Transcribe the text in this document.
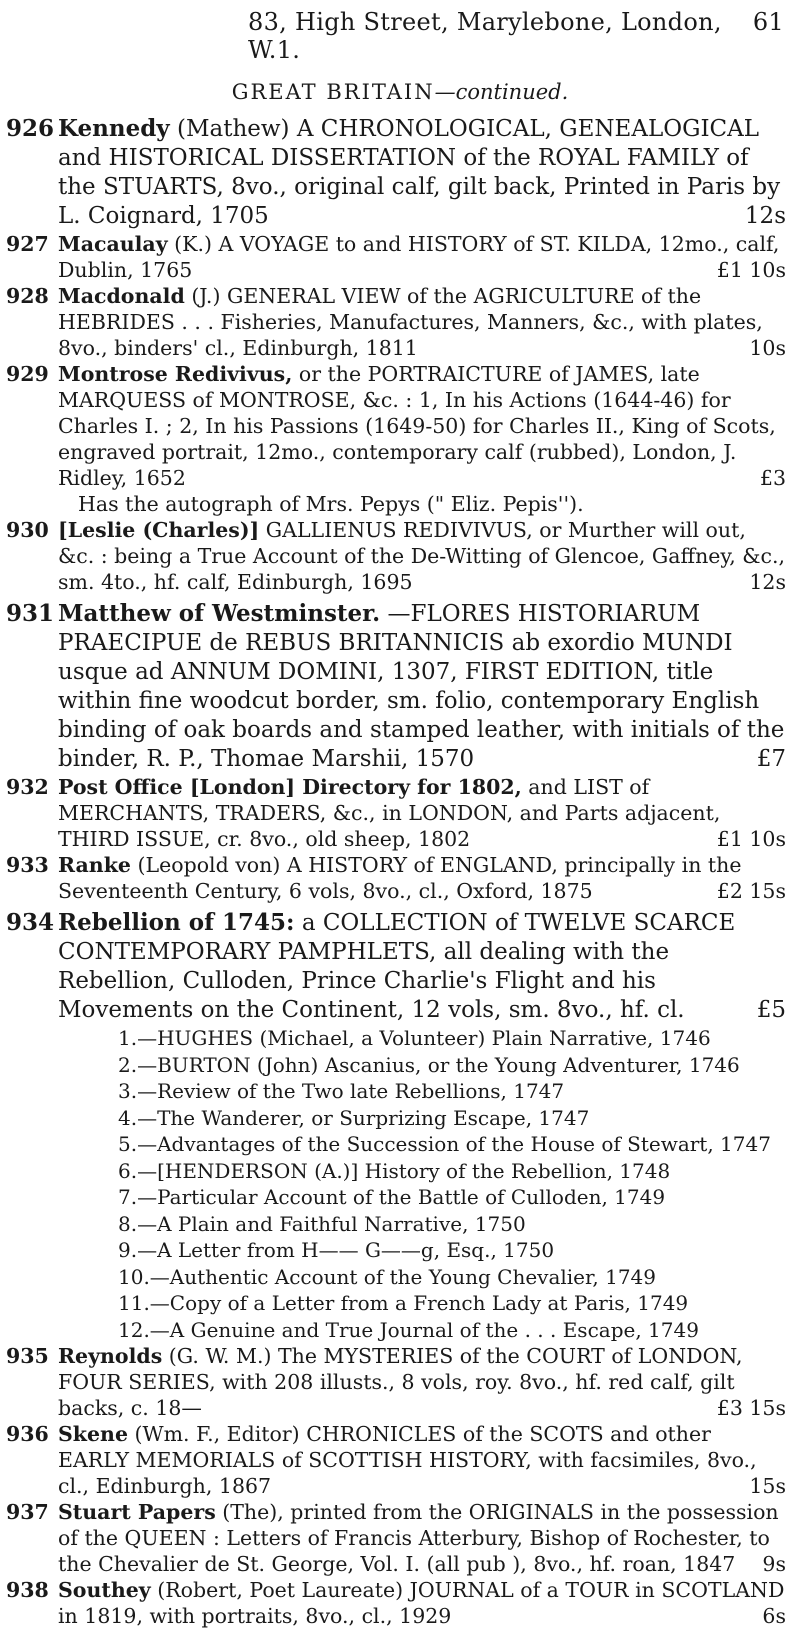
83, High Street, Marylebone, London, W.1.
61
GREAT BRITAIN—continued.
926 Kennedy (Mathew) A CHRONOLOGICAL, GENEALOGICAL and HISTORICAL DISSERTATION of the ROYAL FAMILY of the STUARTS, 8vo., original calf, gilt back, Printed in Paris by L. Coignard, 1705	12s
927 Macaulay (K.) A VOYAGE to and HISTORY of ST. KILDA, 12mo., calf, Dublin, 1765	£1 10s
928 Macdonald (J.) GENERAL VIEW of the AGRICULTURE of the HEBRIDES . . . Fisheries, Manufactures, Manners, &c., with plates, 8vo., binders' cl., Edinburgh, 1811	10s
929 Montrose Redivivus, or the PORTRAICTURE of JAMES, late MARQUESS of MONTROSE, &c. : 1, In his Actions (1644-46) for Charles I. ; 2, In his Passions (1649-50) for Charles II., King of Scots, engraved portrait, 12mo., contemporary calf (rubbed), London, J. Ridley, 1652	£3
Has the autograph of Mrs. Pepys (" Eliz. Pepis'').
930 [Leslie (Charles)] GALLIENUS REDIVIVUS, or Murther will out, &c. : being a True Account of the De-Witting of Glencoe, Gaffney, &c., sm. 4to., hf. calf, Edinburgh, 1695	12s
931 Matthew of Westminster. —FLORES HISTORIARUM PRAECIPUE de REBUS BRITANNICIS ab exordio MUNDI usque ad ANNUM DOMINI, 1307, FIRST EDITION, title within fine woodcut border, sm. folio, contemporary English binding of oak boards and stamped leather, with initials of the binder, R. P., Thomae Marshii, 1570	£7
932 Post Office [London] Directory for 1802, and LIST of MERCHANTS, TRADERS, &c., in LONDON, and Parts adjacent, THIRD ISSUE, cr. 8vo., old sheep, 1802	£1 10s
933 Ranke (Leopold von) A HISTORY of ENGLAND, principally in the Seventeenth Century, 6 vols, 8vo., cl., Oxford, 1875	£2 15s
934 Rebellion of 1745: a COLLECTION of TWELVE SCARCE CONTEMPORARY PAMPHLETS, all dealing with the Rebellion, Culloden, Prince Charlie's Flight and his Movements on the Continent, 12 vols, sm. 8vo., hf. cl.	£5
1.—HUGHES (Michael, a Volunteer) Plain Narrative, 1746
2.—BURTON (John) Ascanius, or the Young Adventurer, 1746
3.—Review of the Two late Rebellions, 1747
4.—The Wanderer, or Surprizing Escape, 1747
5.—Advantages of the Succession of the House of Stewart, 1747
6.—[HENDERSON (A.)] History of the Rebellion, 1748
7.—Particular Account of the Battle of Culloden, 1749
8.—A Plain and Faithful Narrative, 1750
9.—A Letter from H—— G——g, Esq., 1750
10.—Authentic Account of the Young Chevalier, 1749
11.—Copy of a Letter from a French Lady at Paris, 1749
12.—A Genuine and True Journal of the . . . Escape, 1749
935 Reynolds (G. W. M.) The MYSTERIES of the COURT of LONDON, FOUR SERIES, with 208 illusts., 8 vols, roy. 8vo., hf. red calf, gilt backs, c. 18—	£3 15s
936 Skene (Wm. F., Editor) CHRONICLES of the SCOTS and other EARLY MEMORIALS of SCOTTISH HISTORY, with facsimiles, 8vo., cl., Edinburgh, 1867	15s
937 Stuart Papers (The), printed from the ORIGINALS in the possession of the QUEEN : Letters of Francis Atterbury, Bishop of Rochester, to the Chevalier de St. George, Vol. I. (all pub ), 8vo., hf. roan, 1847 9s
938 Southey (Robert, Poet Laureate) JOURNAL of a TOUR in SCOTLAND in 1819, with portraits, 8vo., cl., 1929	6s
